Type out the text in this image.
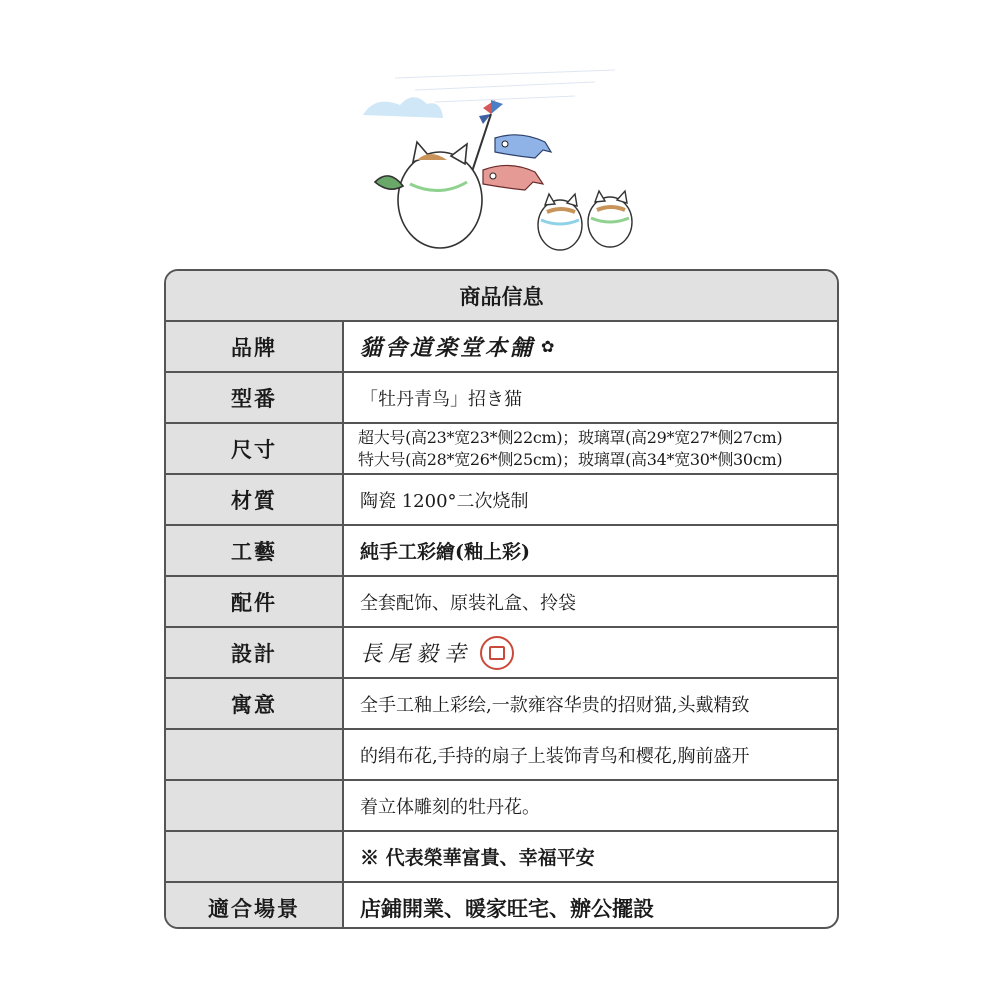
商品信息
品牌	貓舎道楽堂本舗 ✿
型番	「牡丹青鸟」招き猫
尺寸	超大号(高23*宽23*侧22cm)；玻璃罩(高29*宽27*侧27cm)
特大号(高28*宽26*侧25cm)；玻璃罩(高34*宽30*侧30cm)
材質	陶瓷 1200°二次烧制
工藝	純手工彩繪(釉上彩)
配件	全套配饰、原装礼盒、拎袋
設計	長尾毅幸
寓意	全手工釉上彩绘,一款雍容华贵的招财猫,头戴精致
的绢布花,手持的扇子上装饰青鸟和樱花,胸前盛开
着立体雕刻的牡丹花。
※ 代表榮華富貴、幸福平安
適合場景	店鋪開業、暖家旺宅、辦公擺設
